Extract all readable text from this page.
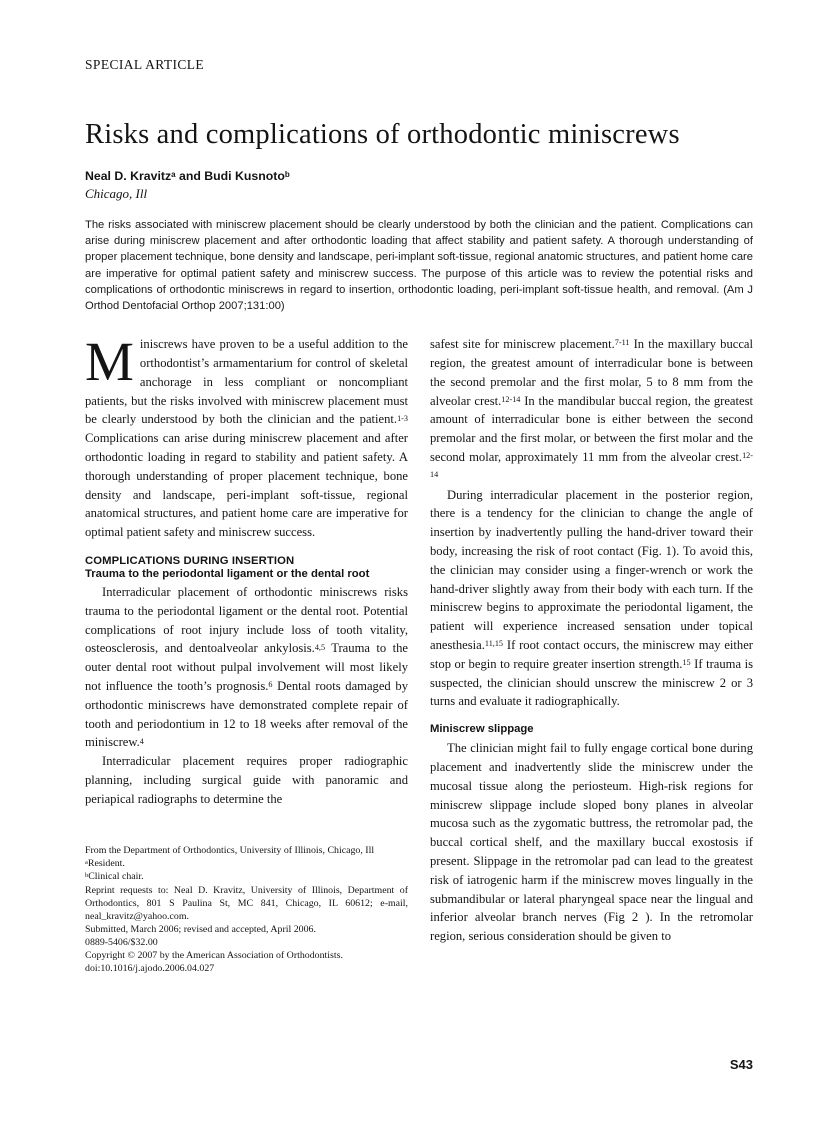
SPECIAL ARTICLE
Risks and complications of orthodontic miniscrews
Neal D. Kravitz$^a$ and Budi Kusnoto$^b$
Chicago, Ill

The risks associated with miniscrew placement should be clearly understood by both the clinician and the patient. Complications can arise during miniscrew placement and after orthodontic loading that affect stability and patient safety. A thorough understanding of proper placement technique, bone density and landscape, peri-implant soft-tissue, regional anatomic structures, and patient home care are imperative for optimal patient safety and miniscrew success. The purpose of this article was to review the potential risks and complications of orthodontic miniscrews in regard to insertion, orthodontic loading, peri-implant soft-tissue health, and removal. (Am J Orthod Dentofacial Orthop 2007;131:00)

Miniscrews have proven to be a useful addition to the orthodontist’s armamentarium for control of skeletal anchorage in less compliant or noncompliant patients, but the risks involved with miniscrew placement must be clearly understood by both the clinician and the patient.$^{1-3}$ Complications can arise during miniscrew placement and after orthodontic loading in regard to stability and patient safety. A thorough understanding of proper placement technique, bone density and landscape, peri-implant soft-tissue, regional anatomical structures, and patient home care are imperative for optimal patient safety and miniscrew success.

COMPLICATIONS DURING INSERTION
Trauma to the periodontal ligament or the dental root

Interradicular placement of orthodontic miniscrews risks trauma to the periodontal ligament or the dental root. Potential complications of root injury include loss of tooth vitality, osteosclerosis, and dentoalveolar ankylosis.$^{4,5}$ Trauma to the outer dental root without pulpal involvement will most likely not influence the tooth’s prognosis.$^6$ Dental roots damaged by orthodontic miniscrews have demonstrated complete repair of tooth and periodontium in 12 to 18 weeks after removal of the miniscrew.$^4$

Interradicular placement requires proper radiographic planning, including surgical guide with panoramic and periapical radiographs to determine the

From the Department of Orthodontics, University of Illinois, Chicago, Ill

$^a$Resident.

$^b$Clinical chair.

Reprint requests to: Neal D. Kravitz, University of Illinois, Department of Orthodontics, 801 S Paulina St, MC 841, Chicago, IL 60612; e-mail, neal_kravitz@yahoo.com.

Submitted, March 2006; revised and accepted, April 2006.

0889-5406/$32.00

Copyright © 2007 by the American Association of Orthodontists.

doi:10.1016/j.ajodo.2006.04.027

safest site for miniscrew placement.$^{7-11}$ In the maxillary buccal region, the greatest amount of interradicular bone is between the second premolar and the first molar, 5 to 8 mm from the alveolar crest.$^{12-14}$ In the mandibular buccal region, the greatest amount of interradicular bone is either between the second premolar and the first molar, or between the first molar and the second molar, approximately 11 mm from the alveolar crest.$^{12-14}$

During interradicular placement in the posterior region, there is a tendency for the clinician to change the angle of insertion by inadvertently pulling the hand-driver toward their body, increasing the risk of root contact (Fig. 1). To avoid this, the clinician may consider using a finger-wrench or work the hand-driver slightly away from their body with each turn. If the miniscrew begins to approximate the periodontal ligament, the patient will experience increased sensation under topical anesthesia.$^{11,15}$ If root contact occurs, the miniscrew may either stop or begin to require greater insertion strength.$^{15}$ If trauma is suspected, the clinician should unscrew the miniscrew 2 or 3 turns and evaluate it radiographically.

Miniscrew slippage

The clinician might fail to fully engage cortical bone during placement and inadvertently slide the miniscrew under the mucosal tissue along the periosteum. High-risk regions for miniscrew slippage include sloped bony planes in alveolar mucosa such as the zygomatic buttress, the retromolar pad, the buccal cortical shelf, and the maxillary buccal exostosis if present. Slippage in the retromolar pad can lead to the greatest risk of iatrogenic harm if the miniscrew moves lingually in the submandibular or lateral pharyngeal space near the lingual and inferior alveolar branch nerves (Fig 2 ). In the retromolar region, serious consideration should be given to

S43
